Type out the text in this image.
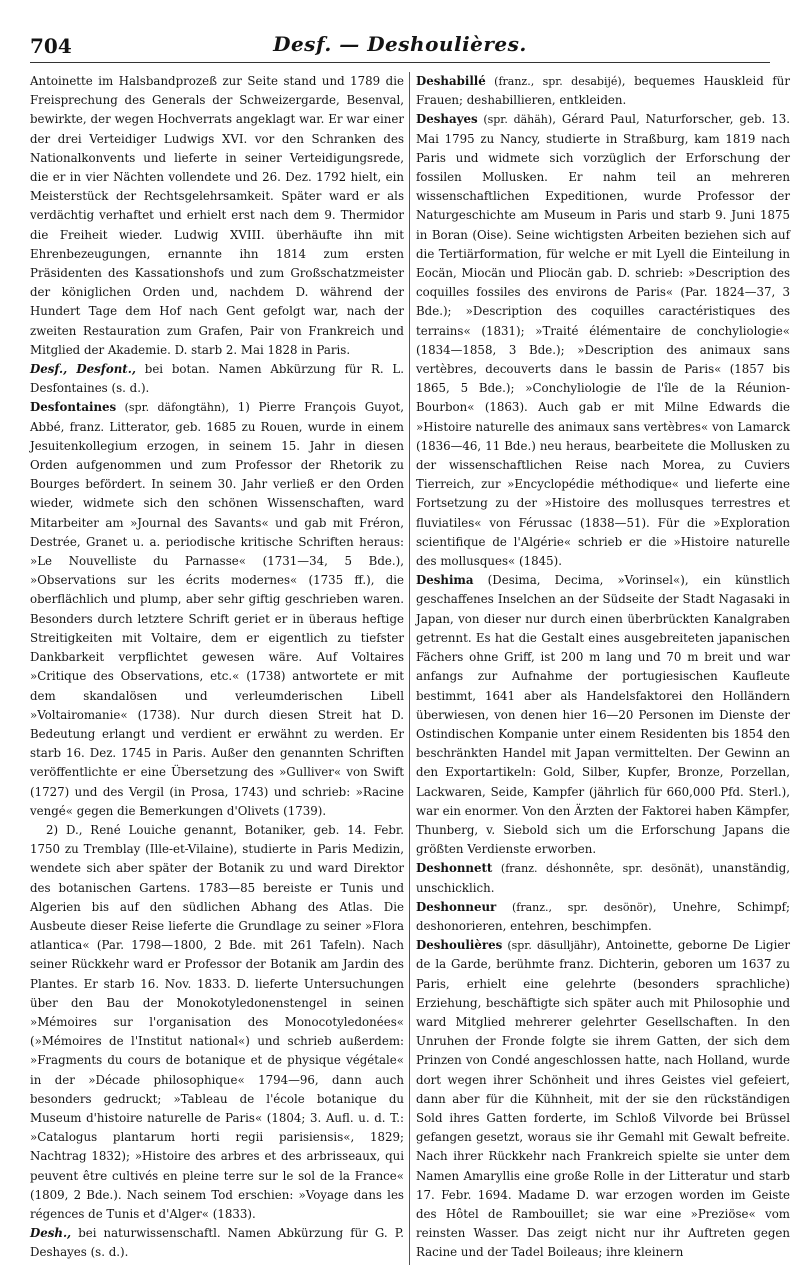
704	Desf. — Deshoulières.

Antoinette im Halsbandprozeß zur Seite stand und 1789 die Freisprechung des Generals der Schweizergarde, Besenval, bewirkte, der wegen Hochverrats angeklagt war. Er war einer der drei Verteidiger Ludwigs XVI. vor den Schranken des Nationalkonvents und lieferte in seiner Verteidigungsrede, die er in vier Nächten vollendete und 26. Dez. 1792 hielt, ein Meisterstück der Rechtsgelehrsamkeit. Später ward er als verdächtig verhaftet und erhielt erst nach dem 9. Thermidor die Freiheit wieder. Ludwig XVIII. überhäufte ihn mit Ehrenbezeugungen, ernannte ihn 1814 zum ersten Präsidenten des Kassationshofs und zum Großschatzmeister der königlichen Orden und, nachdem D. während der Hundert Tage dem Hof nach Gent gefolgt war, nach der zweiten Restauration zum Grafen, Pair von Frankreich und Mitglied der Akademie. D. starb 2. Mai 1828 in Paris.

Desf., Desfont., bei botan. Namen Abkürzung für R. L. Desfontaines (s. d.).

Desfontaines (spr. däfongtähn), 1) Pierre François Guyot, Abbé, franz. Litterator, geb. 1685 zu Rouen, wurde in einem Jesuitenkollegium erzogen, in seinem 15. Jahr in diesen Orden aufgenommen und zum Professor der Rhetorik zu Bourges befördert. In seinem 30. Jahr verließ er den Orden wieder, widmete sich den schönen Wissenschaften, ward Mitarbeiter am »Journal des Savants« und gab mit Fréron, Destrée, Granet u. a. periodische kritische Schriften heraus: »Le Nouvelliste du Parnasse« (1731—34, 5 Bde.), »Observations sur les écrits modernes« (1735 ff.), die oberflächlich und plump, aber sehr giftig geschrieben waren. Besonders durch letztere Schrift geriet er in überaus heftige Streitigkeiten mit Voltaire, dem er eigentlich zu tiefster Dankbarkeit verpflichtet gewesen wäre. Auf Voltaires »Critique des Observations, etc.« (1738) antwortete er mit dem skandalösen und verleumderischen Libell »Voltairomanie« (1738). Nur durch diesen Streit hat D. Bedeutung erlangt und verdient er erwähnt zu werden. Er starb 16. Dez. 1745 in Paris. Außer den genannten Schriften veröffentlichte er eine Übersetzung des »Gulliver« von Swift (1727) und des Vergil (in Prosa, 1743) und schrieb: »Racine vengé« gegen die Bemerkungen d'Olivets (1739).

2) D., René Louiche genannt, Botaniker, geb. 14. Febr. 1750 zu Tremblay (Ille-et-Vilaine), studierte in Paris Medizin, wendete sich aber später der Botanik zu und ward Direktor des botanischen Gartens. 1783—85 bereiste er Tunis und Algerien bis auf den südlichen Abhang des Atlas. Die Ausbeute dieser Reise lieferte die Grundlage zu seiner »Flora atlantica« (Par. 1798—1800, 2 Bde. mit 261 Tafeln). Nach seiner Rückkehr ward er Professor der Botanik am Jardin des Plantes. Er starb 16. Nov. 1833. D. lieferte Untersuchungen über den Bau der Monokotyledonenstengel in seinen »Mémoires sur l'organisation des Monocotyledonées« (»Mémoires de l'Institut national«) und schrieb außerdem: »Fragments du cours de botanique et de physique végétale« in der »Décade philosophique« 1794—96, dann auch besonders gedruckt; »Tableau de l'école botanique du Museum d'histoire naturelle de Paris« (1804; 3. Aufl. u. d. T.: »Catalogus plantarum horti regii parisiensis«, 1829; Nachtrag 1832); »Histoire des arbres et des arbrisseaux, qui peuvent être cultivés en pleine terre sur le sol de la France« (1809, 2 Bde.). Nach seinem Tod erschien: »Voyage dans les régences de Tunis et d'Alger« (1833).

Desh., bei naturwissenschaftl. Namen Abkürzung für G. P. Deshayes (s. d.).

Deshabillé (franz., spr. desabijé), bequemes Hauskleid für Frauen; deshabillieren, entkleiden.

Deshayes (spr. dähäh), Gérard Paul, Naturforscher, geb. 13. Mai 1795 zu Nancy, studierte in Straßburg, kam 1819 nach Paris und widmete sich vorzüglich der Erforschung der fossilen Mollusken. Er nahm teil an mehreren wissenschaftlichen Expeditionen, wurde Professor der Naturgeschichte am Museum in Paris und starb 9. Juni 1875 in Boran (Oise). Seine wichtigsten Arbeiten beziehen sich auf die Tertiärformation, für welche er mit Lyell die Einteilung in Eocän, Miocän und Pliocän gab. D. schrieb: »Description des coquilles fossiles des environs de Paris« (Par. 1824—37, 3 Bde.); »Description des coquilles caractéristiques des terrains« (1831); »Traité élémentaire de conchyliologie« (1834—1858, 3 Bde.); »Description des animaux sans vertèbres, decouverts dans le bassin de Paris« (1857 bis 1865, 5 Bde.); »Conchyliologie de l'île de la Réunion-Bourbon« (1863). Auch gab er mit Milne Edwards die »Histoire naturelle des animaux sans vertèbres« von Lamarck (1836—46, 11 Bde.) neu heraus, bearbeitete die Mollusken zu der wissenschaftlichen Reise nach Morea, zu Cuviers Tierreich, zur »Encyclopédie méthodique« und lieferte eine Fortsetzung zu der »Histoire des mollusques terrestres et fluviatiles« von Férussac (1838—51). Für die »Exploration scientifique de l'Algérie« schrieb er die »Histoire naturelle des mollusques« (1845).

Deshima (Desima, Decima, »Vorinsel«), ein künstlich geschaffenes Inselchen an der Südseite der Stadt Nagasaki in Japan, von dieser nur durch einen überbrückten Kanalgraben getrennt. Es hat die Gestalt eines ausgebreiteten japanischen Fächers ohne Griff, ist 200 m lang und 70 m breit und war anfangs zur Aufnahme der portugiesischen Kaufleute bestimmt, 1641 aber als Handelsfaktorei den Holländern überwiesen, von denen hier 16—20 Personen im Dienste der Ostindischen Kompanie unter einem Residenten bis 1854 den beschränkten Handel mit Japan vermittelten. Der Gewinn an den Exportartikeln: Gold, Silber, Kupfer, Bronze, Porzellan, Lackwaren, Seide, Kampfer (jährlich für 660,000 Pfd. Sterl.), war ein enormer. Von den Ärzten der Faktorei haben Kämpfer, Thunberg, v. Siebold sich um die Erforschung Japans die größten Verdienste erworben.

Deshonnett (franz. déshonnête, spr. desönät), unanständig, unschicklich.

Deshonneur (franz., spr. desönör), Unehre, Schimpf; deshonorieren, entehren, beschimpfen.

Deshoulières (spr. däsulljähr), Antoinette, geborne De Ligier de la Garde, berühmte franz. Dichterin, geboren um 1637 zu Paris, erhielt eine gelehrte (besonders sprachliche) Erziehung, beschäftigte sich später auch mit Philosophie und ward Mitglied mehrerer gelehrter Gesellschaften. In den Unruhen der Fronde folgte sie ihrem Gatten, der sich dem Prinzen von Condé angeschlossen hatte, nach Holland, wurde dort wegen ihrer Schönheit und ihres Geistes viel gefeiert, dann aber für die Kühnheit, mit der sie den rückständigen Sold ihres Gatten forderte, im Schloß Vilvorde bei Brüssel gefangen gesetzt, woraus sie ihr Gemahl mit Gewalt befreite. Nach ihrer Rückkehr nach Frankreich spielte sie unter dem Namen Amaryllis eine große Rolle in der Litteratur und starb 17. Febr. 1694. Madame D. war erzogen worden im Geiste des Hôtel de Rambouillet; sie war eine »Preziöse« vom reinsten Wasser. Das zeigt nicht nur ihr Auftreten gegen Racine und der Tadel Boileaus; ihre kleinern
